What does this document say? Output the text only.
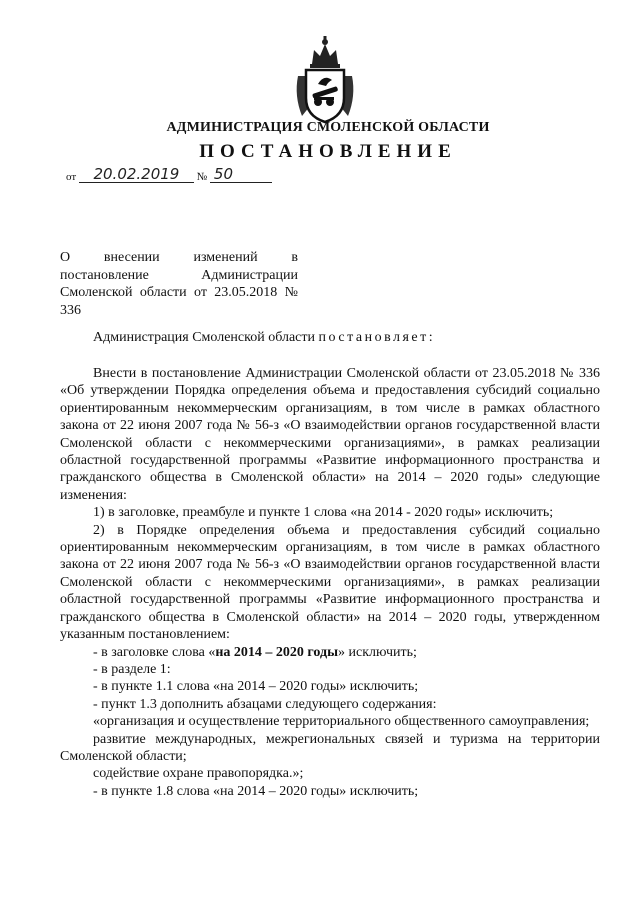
АДМИНИСТРАЦИЯ СМОЛЕНСКОЙ ОБЛАСТИ
ПОСТАНОВЛЕНИЕ
от 20.02.2019 № 50
О внесении изменений в постановление Администрации Смоленской области от 23.05.2018 № 336

Администрация Смоленской области постановляет:

Внести в постановление Администрации Смоленской области от 23.05.2018 № 336 «Об утверждении Порядка определения объема и предоставления субсидий социально ориентированным некоммерческим организациям, в том числе в рамках областного закона от 22 июня 2007 года № 56-з «О взаимодействии органов государственной власти Смоленской области с некоммерческими организациями», в рамках реализации областной государственной программы «Развитие информационного пространства и гражданского общества в Смоленской области» на 2014 – 2020 годы» следующие изменения:

1) в заголовке, преамбуле и пункте 1 слова «на 2014 - 2020 годы» исключить;

2) в Порядке определения объема и предоставления субсидий социально ориентированным некоммерческим организациям, в том числе в рамках областного закона от 22 июня 2007 года № 56-з «О взаимодействии органов государственной власти Смоленской области с некоммерческими организациями», в рамках реализации областной государственной программы «Развитие информационного пространства и гражданского общества в Смоленской области» на 2014 – 2020 годы, утвержденном указанным постановлением:

- в заголовке слова «на 2014 – 2020 годы» исключить;

- в разделе 1:

- в пункте 1.1 слова «на 2014 – 2020 годы» исключить;

- пункт 1.3 дополнить абзацами следующего содержания:

«организация и осуществление территориального общественного самоуправления;

развитие международных, межрегиональных связей и туризма на территории Смоленской области;

содействие охране правопорядка.»;

- в пункте 1.8 слова «на 2014 – 2020 годы» исключить;
